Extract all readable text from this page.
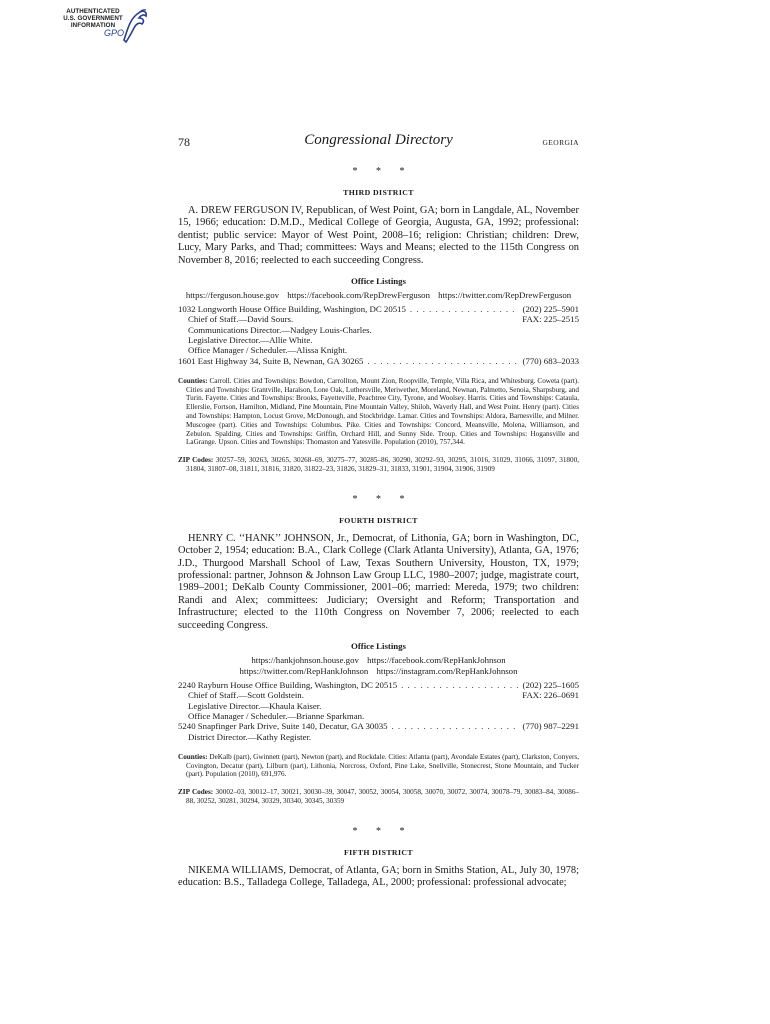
AUTHENTICATED
U.S. GOVERNMENT
INFORMATION
GPO
78	Congressional Directory	GEORGIA
* * *
THIRD DISTRICT

A. DREW FERGUSON IV, Republican, of West Point, GA; born in Langdale, AL, November 15, 1966; education: D.M.D., Medical College of Georgia, Augusta, GA, 1992; professional: dentist; public service: Mayor of West Point, 2008–16; religion: Christian; children: Drew, Lucy, Mary Parks, and Thad; committees: Ways and Means; elected to the 115th Congress on November 8, 2016; reelected to each succeeding Congress.

Office Listings
https://ferguson.house.gov https://facebook.com/RepDrewFerguson https://twitter.com/RepDrewFerguson
1032 Longworth House Office Building, Washington, DC 20515 . . .	(202) 225–5901
Chief of Staff.—David Sours.	FAX: 225–2515
Communications Director.—Nadgey Louis-Charles.
Legislative Director.—Allie White.
Office Manager / Scheduler.—Alissa Knight.
1601 East Highway 34, Suite B, Newnan, GA 30265 . . .	(770) 683–2033
Counties: Carroll. Cities and Townships: Bowdon, Carrollton, Mount Zion, Roopville, Temple, Villa Rica, and Whitesburg. Coweta (part). Cities and Townships: Grantville, Haralson, Lone Oak, Luthersville, Meriwether, Moreland, Newnan, Palmetto, Senoia, Sharpsburg, and Turin. Fayette. Cities and Townships: Brooks, Fayetteville, Peachtree City, Tyrone, and Woolsey. Harris. Cities and Townships: Cataula, Ellerslie, Fortson, Hamilton, Midland, Pine Mountain, Pine Mountain Valley, Shiloh, Waverly Hall, and West Point. Henry (part). Cities and Townships: Hampton, Locust Grove, McDonough, and Stockbridge. Lamar. Cities and Townships: Aldora, Barnesville, and Milner. Muscogee (part). Cities and Townships: Columbus. Pike. Cities and Townships: Concord, Meansville, Molena, Williamson, and Zebulon. Spalding. Cities and Townships: Griffin, Orchard Hill, and Sunny Side. Troup. Cities and Townships: Hogansville and LaGrange. Upson. Cities and Townships: Thomaston and Yatesville. Population (2010), 757,344.
ZIP Codes: 30257–59, 30263, 30265, 30268–69, 30275–77, 30285–86, 30290, 30292–93, 30295, 31016, 31029, 31066, 31097, 31800, 31804, 31807–08, 31811, 31816, 31820, 31822–23, 31826, 31829–31, 31833, 31901, 31904, 31906, 31909
* * *
FOURTH DISTRICT

HENRY C. ‘‘HANK’’ JOHNSON, Jr., Democrat, of Lithonia, GA; born in Washington, DC, October 2, 1954; education: B.A., Clark College (Clark Atlanta University), Atlanta, GA, 1976; J.D., Thurgood Marshall School of Law, Texas Southern University, Houston, TX, 1979; professional: partner, Johnson & Johnson Law Group LLC, 1980–2007; judge, magistrate court, 1989–2001; DeKalb County Commissioner, 2001–06; married: Mereda, 1979; two children: Randi and Alex; committees: Judiciary; Oversight and Reform; Transportation and Infrastructure; elected to the 110th Congress on November 7, 2006; reelected to each succeeding Congress.

Office Listings
https://hankjohnson.house.gov https://facebook.com/RepHankJohnson
https://twitter.com/RepHankJohnson https://instagram.com/RepHankJohnson
2240 Rayburn House Office Building, Washington, DC 20515 . . .	(202) 225–1605
Chief of Staff.—Scott Goldstein.	FAX: 226–0691
Legislative Director.—Khaula Kaiser.
Office Manager / Scheduler.—Brianne Sparkman.
5240 Snapfinger Park Drive, Suite 140, Decatur, GA 30035 . . .	(770) 987–2291
District Director.—Kathy Register.
Counties: DeKalb (part), Gwinnett (part), Newton (part), and Rockdale. Cities: Atlanta (part), Avondale Estates (part), Clarkston, Conyers, Covington, Decatur (part), Lilburn (part), Lithonia, Norcross, Oxford, Pine Lake, Snellville, Stonecrest, Stone Mountain, and Tucker (part). Population (2010), 691,976.
ZIP Codes: 30002–03, 30012–17, 30021, 30030–39, 30047, 30052, 30054, 30058, 30070, 30072, 30074, 30078–79, 30083–84, 30086–88, 30252, 30281, 30294, 30329, 30340, 30345, 30359
* * *
FIFTH DISTRICT

NIKEMA WILLIAMS, Democrat, of Atlanta, GA; born in Smiths Station, AL, July 30, 1978; education: B.S., Talladega College, Talladega, AL, 2000; professional: professional advocate;
